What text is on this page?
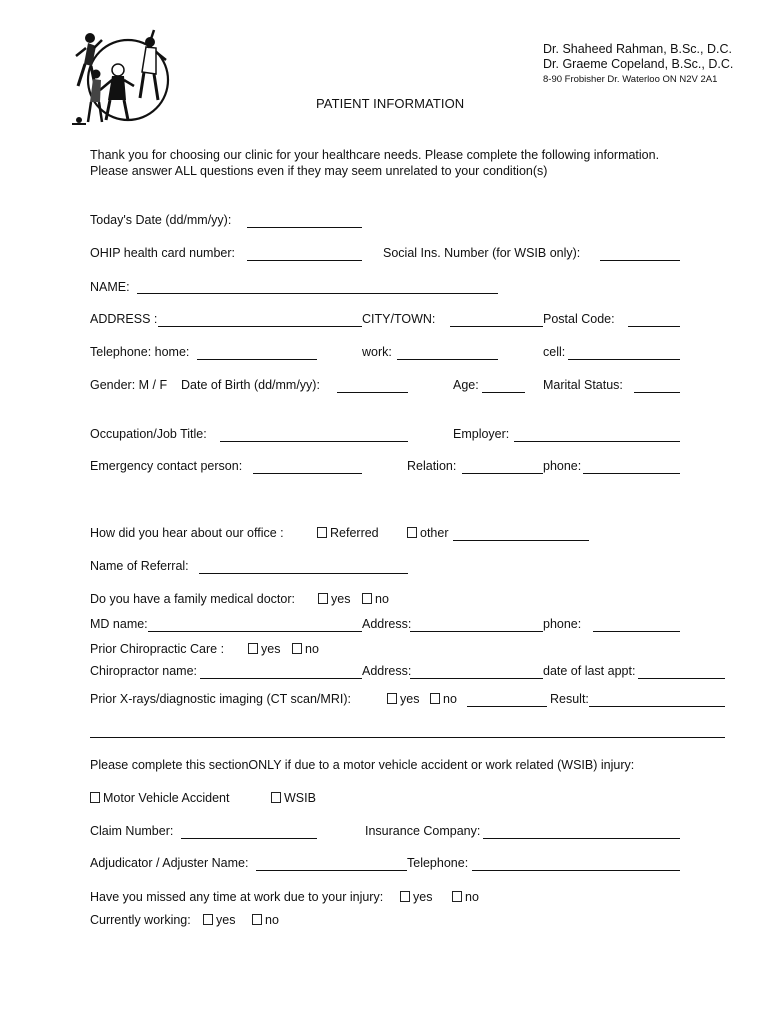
Dr. Shaheed Rahman, B.Sc., D.C.
Dr. Graeme Copeland, B.Sc., D.C.
8-90 Frobisher Dr. Waterloo ON N2V 2A1
PATIENT INFORMATION
Thank you for choosing our clinic for your healthcare needs. Please complete the following information.
Please answer ALL questions even if they may seem unrelated to your condition(s)
Today's Date (dd/mm/yy):
OHIP health card number:	Social Ins. Number (for WSIB only):
NAME:
ADDRESS :	CITY/TOWN:	Postal Code:
Telephone: home:	work:	cell:
Gender: M / F Date of Birth (dd/mm/yy):	Age:	Marital Status:
Occupation/Job Title:	Employer:
Emergency contact person:	Relation:	phone:
How did you hear about our office :	Referred	other
Name of Referral:
Do you have a family medical doctor:	yes	no
MD name:	Address:	phone:
Prior Chiropractic Care :	yes	no
Chiropractor name:	Address:	date of last appt:
Prior X-rays/diagnostic imaging (CT scan/MRI):	yes	no	Result:
Please complete this sectionONLY if due to a motor vehicle accident or work related (WSIB) injury:
Motor Vehicle Accident	WSIB
Claim Number:	Insurance Company:
Adjudicator / Adjuster Name:	Telephone:
Have you missed any time at work due to your injury:	yes	no
Currently working:	yes	no
